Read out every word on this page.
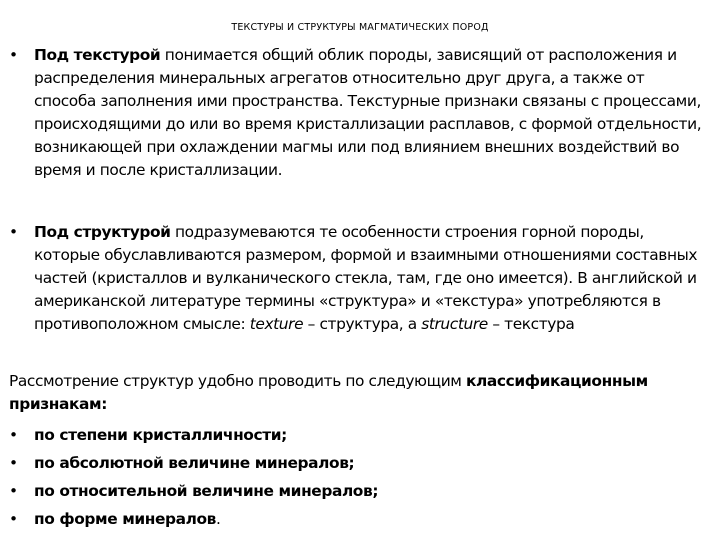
ТЕКСТУРЫ И СТРУКТУРЫ МАГМАТИЧЕСКИХ ПОРОД
•	Под текстурой понимается общий облик породы, зависящий от расположения и распределения минеральных агрегатов относительно друг друга, а также от способа заполнения ими пространства. Текстурные признаки связаны с процессами, происходящими до или во время кристаллизации расплавов, с формой отдельности, возникающей при охлаждении магмы или под влиянием внешних воздействий во время и после кристаллизации.
•	Под структурой подразумеваются те особенности строения горной породы, которые обуславливаются размером, формой и взаимными отношениями составных частей (кристаллов и вулканического стекла, там, где оно имеется). В английской и американской литературе термины «структура» и «текстура» употребляются в противоположном смысле: texture – структура, а structure – текстура
Рассмотрение структур удобно проводить по следующим классификационным признакам:
•	по степени кристалличности;
•	по абсолютной величине минералов;
•	по относительной величине минералов;
•	по форме минералов.
